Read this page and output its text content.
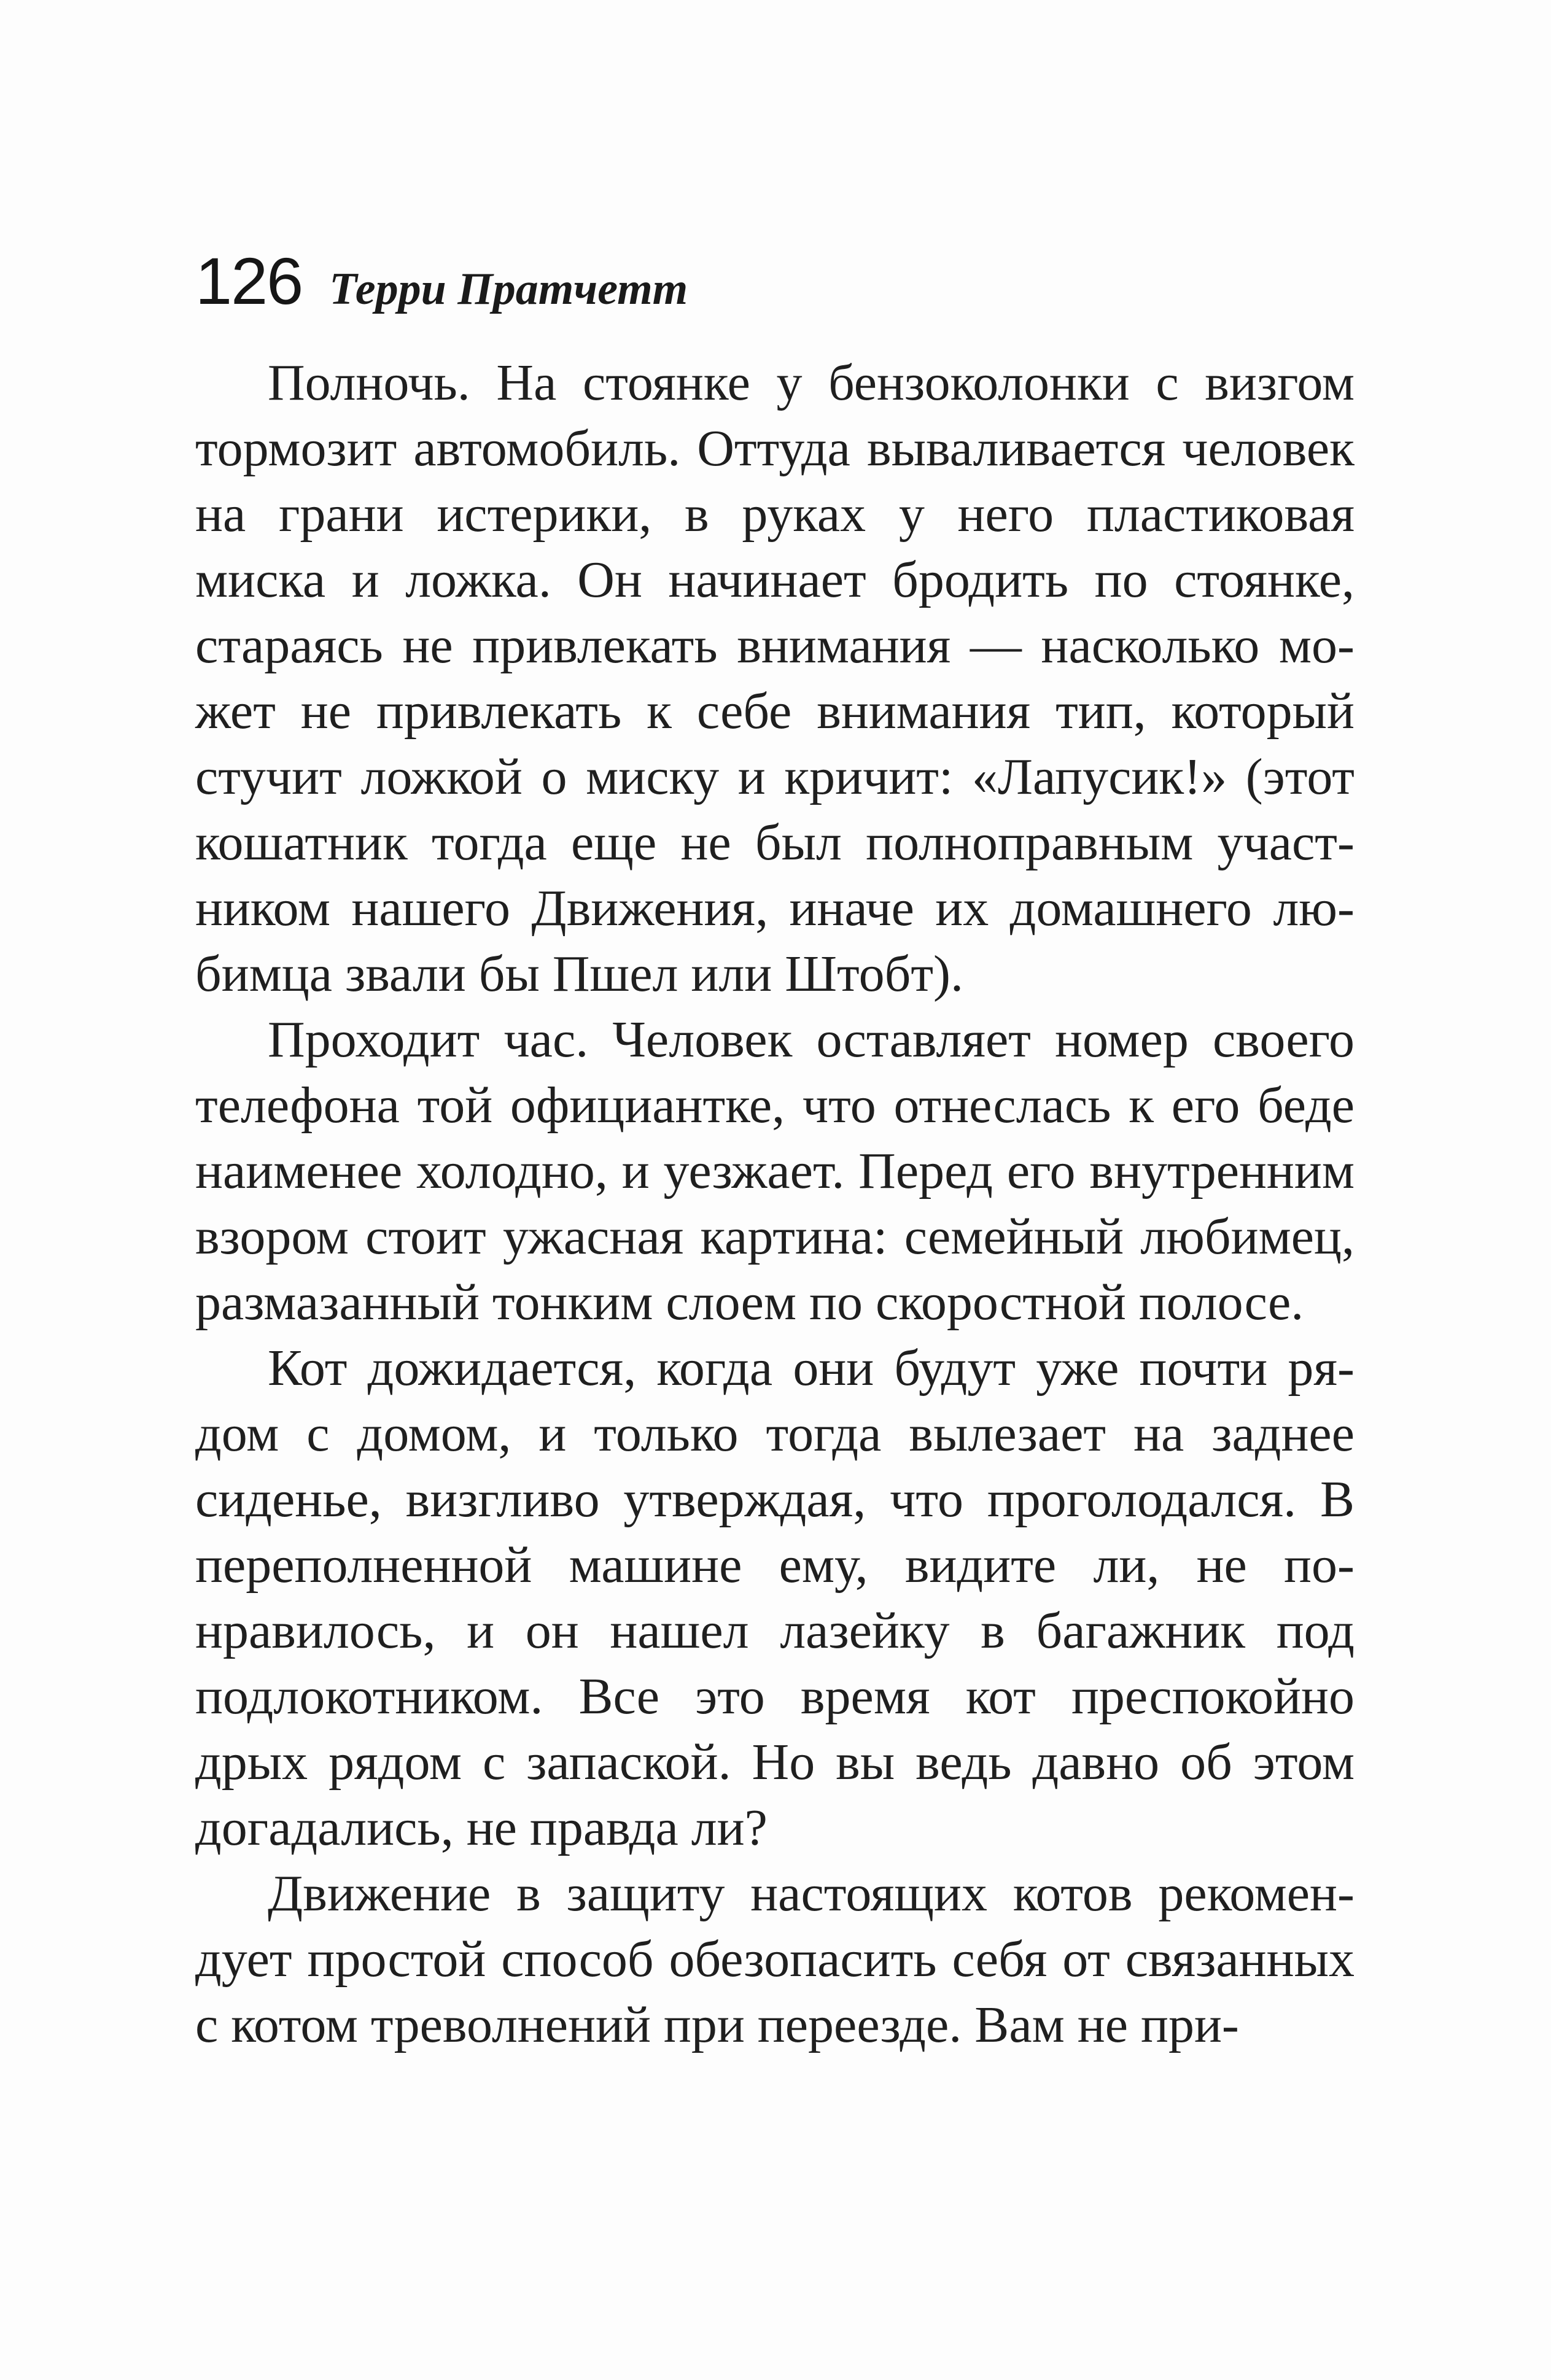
126 Терри Пратчетт

Полночь. На стоянке у бензоколонки с визгом тормозит автомобиль. Оттуда вываливается человек на грани истерики, в руках у него пластиковая миска и ложка. Он начинает бродить по стоянке, стараясь не привлекать внимания — насколько может не привлекать к себе внимания тип, который стучит ложкой о миску и кричит: «Лапусик!» (этот кошатник тогда еще не был полноправным участником нашего Движения, иначе их домашнего любимца звали бы Пшел или Штобт).

Проходит час. Человек оставляет номер своего телефона той официантке, что отнеслась к его беде наименее холодно, и уезжает. Перед его внутренним взором стоит ужасная картина: семейный любимец, размазанный тонким слоем по скоростной полосе.

Кот дожидается, когда они будут уже почти рядом с домом, и только тогда вылезает на заднее сиденье, визгливо утверждая, что проголодался. В переполненной машине ему, видите ли, не понравилось, и он нашел лазейку в багажник под подлокотником. Все это время кот преспокойно дрых рядом с запаской. Но вы ведь давно об этом догадались, не правда ли?

Движение в защиту настоящих котов рекомендует простой способ обезопасить себя от связанных с котом треволнений при переезде. Вам не при-
